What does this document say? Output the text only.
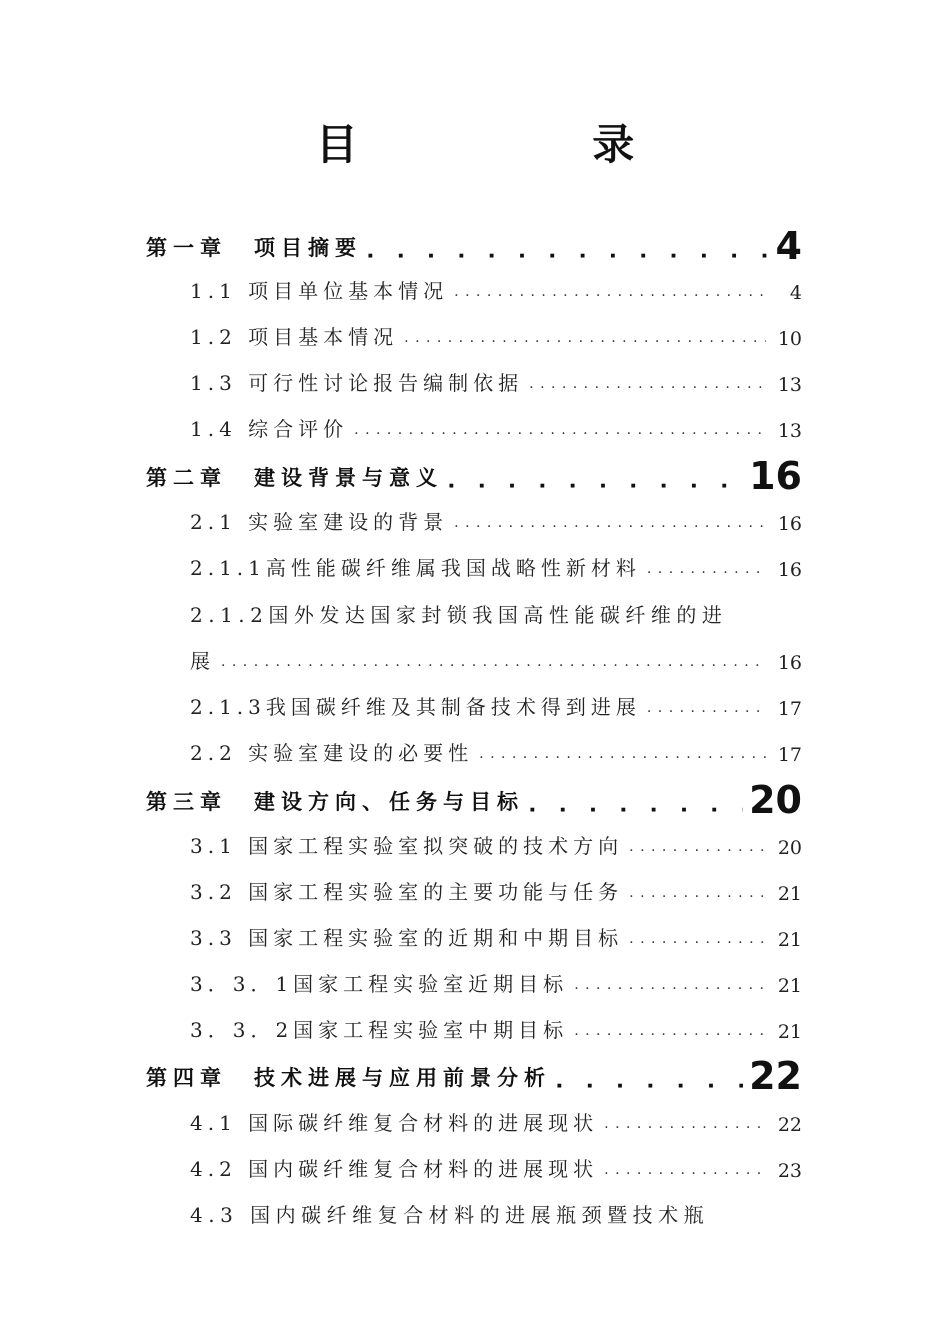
目 录
第一章　项目摘要 ■ ■ ■ ■ ■ ■ ■ ■ ■ ■ ■ ■ ■ ■ ■ ■ ■ ■ ■ ■ ■ ■ ■ ■ ■ ■ ■ ■ ■ ■ ■ ■ ■ ■ ■ ■ ■ ■ ■ ■	4
1.1 项目单位基本情况 . . .	4
1.2 项目基本情况 . . .	10
1.3 可行性讨论报告编制依据 . . .	13
1.4 综合评价 . . .	13
第二章　建设背景与意义 ■ ■ ■ ■ ■ ■ ■ ■ ■ ■ ■ ■ ■ ■ ■ ■ ■ ■ ■ ■ ■ ■ ■ ■ ■ ■ ■ ■ ■ ■ ■ ■ ■ ■ ■ ■ ■ ■ ■ ■	16
2.1 实验室建设的背景 . . .	16
2.1.1高性能碳纤维属我国战略性新材料 . . .	16
2.1.2国外发达国家封锁我国高性能碳纤维的进
展 . . .	16
2.1.3我国碳纤维及其制备技术得到进展 . . .	17
2.2 实验室建设的必要性 . . .	17
第三章　建设方向、任务与目标 ■ ■ ■ ■ ■ ■ ■ ■ ■ ■ ■ ■ ■ ■ ■ ■ ■ ■ ■ ■ ■ ■ ■ ■ ■ ■ ■ ■ ■ ■ ■ ■ ■ ■ ■ ■ ■ ■ ■ ■	20
3.1 国家工程实验室拟突破的技术方向 . . .	20
3.2 国家工程实验室的主要功能与任务 . . .	21
3.3 国家工程实验室的近期和中期目标 . . .	21
3．3．1国家工程实验室近期目标 . . .	21
3．3．2国家工程实验室中期目标 . . .	21
第四章　技术进展与应用前景分析 ■ ■ ■ ■ ■ ■ ■ ■ ■ ■ ■ ■ ■ ■ ■ ■ ■ ■ ■ ■ ■ ■ ■ ■ ■ ■ ■ ■ ■ ■ ■ ■ ■ ■ ■ ■ ■ ■ ■ ■	22
4.1 国际碳纤维复合材料的进展现状 . . .	22
4.2 国内碳纤维复合材料的进展现状 . . .	23
4.3 国内碳纤维复合材料的进展瓶颈暨技术瓶
